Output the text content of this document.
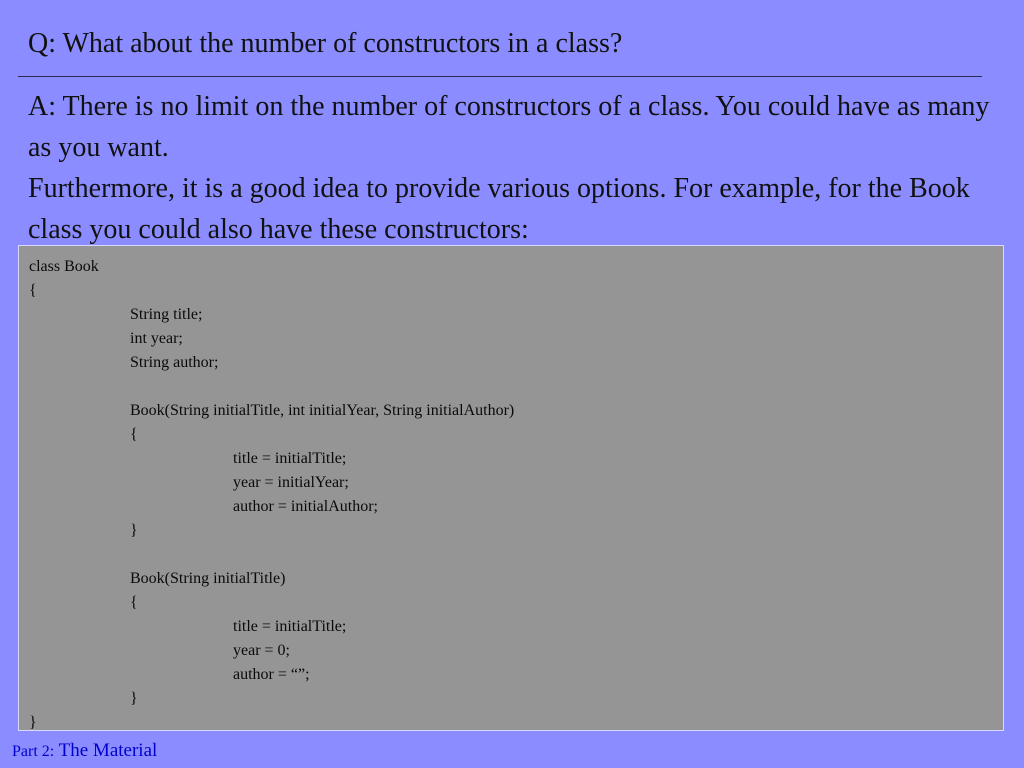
Q: What about the number of constructors in a class?

A: There is no limit on the number of constructors of a class. You could have as many as you want.

Furthermore, it is a good idea to provide various options. For example, for the Book class you could also have these constructors:

class Book
{
String title;
int year;
String author;
Book(String initialTitle, int initialYear, String initialAuthor)
{
title = initialTitle;
year = initialYear;
author = initialAuthor;
}
Book(String initialTitle)
{
title = initialTitle;
year = 0;
author = “”;
}
}
Part 2: The Material
